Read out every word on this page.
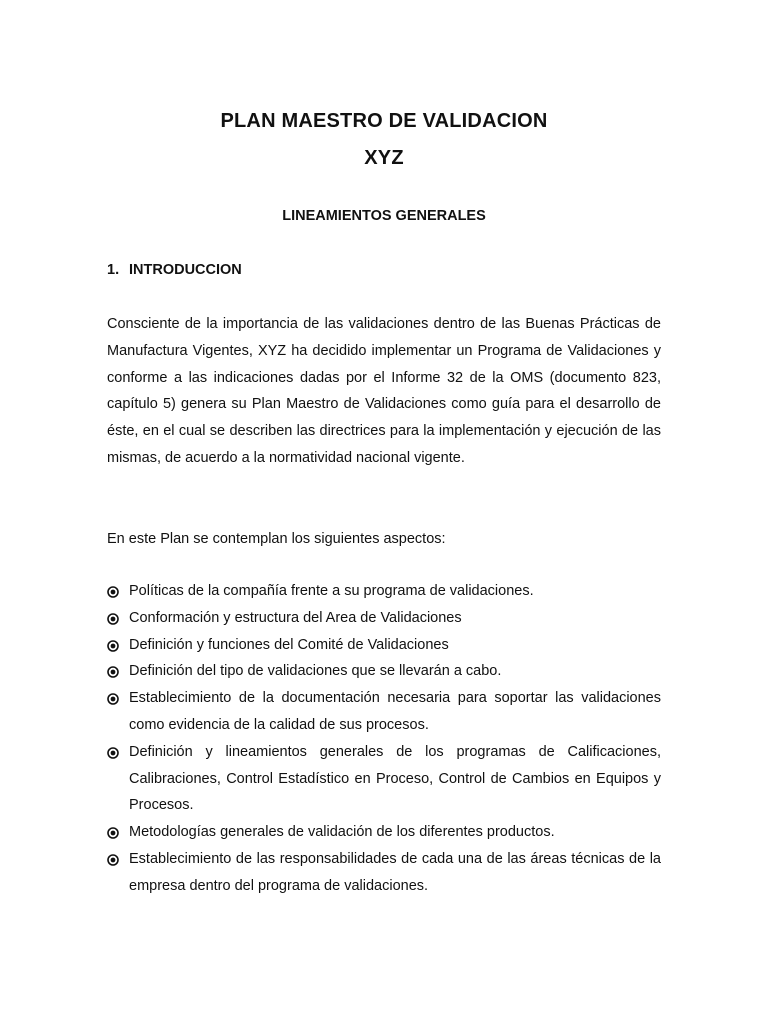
PLAN MAESTRO DE VALIDACION
XYZ
LINEAMIENTOS GENERALES
1. INTRODUCCION

Consciente de la importancia de las validaciones dentro de las Buenas Prácticas de Manufactura Vigentes, XYZ ha decidido implementar un Programa de Validaciones y conforme a las indicaciones dadas por el Informe 32 de la OMS (documento 823, capítulo 5) genera su Plan Maestro de Validaciones como guía para el desarrollo de éste, en el cual se describen las directrices para la implementación y ejecución de las mismas, de acuerdo a la normatividad nacional vigente.

En este Plan se contemplan los siguientes aspectos:

Políticas de la compañía frente a su programa de validaciones.
Conformación y estructura del Area de Validaciones
Definición y funciones del Comité de Validaciones
Definición del tipo de validaciones que se llevarán a cabo.
Establecimiento de la documentación necesaria para soportar las validaciones como evidencia de la calidad de sus procesos.
Definición y lineamientos generales de los programas de Calificaciones, Calibraciones, Control Estadístico en Proceso, Control de Cambios en Equipos y Procesos.
Metodologías generales de validación de los diferentes productos.
Establecimiento de las responsabilidades de cada una de las áreas técnicas de la empresa dentro del programa de validaciones.
